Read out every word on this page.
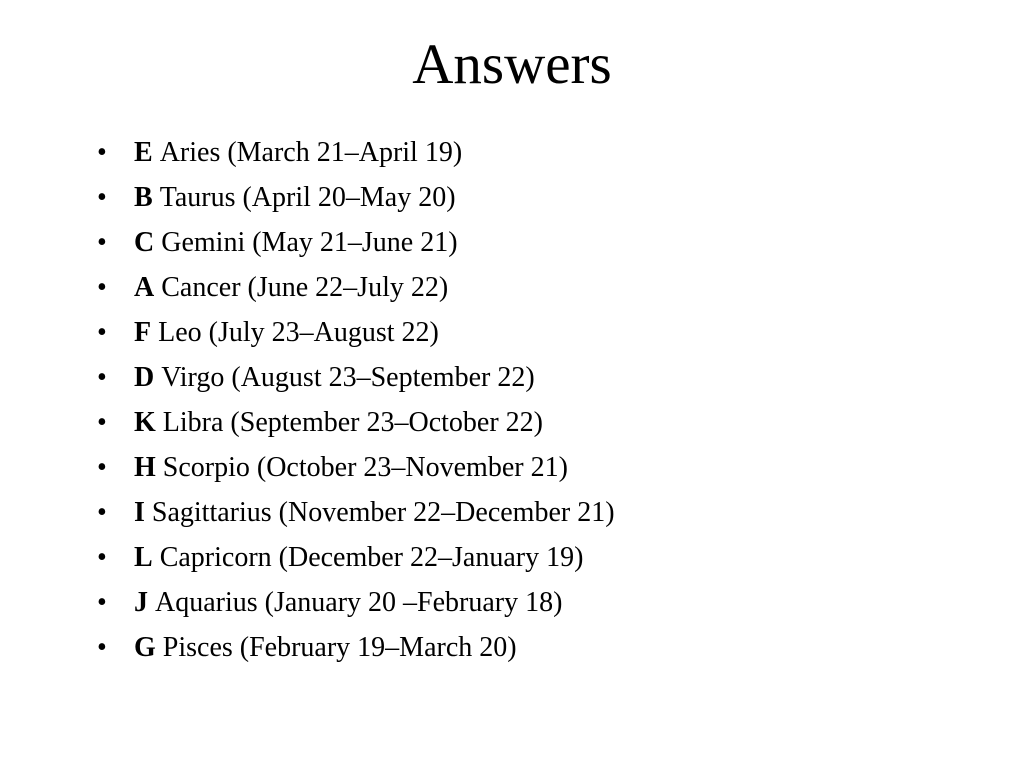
Answers
• E
Aries (March 21–April 19)
• B
Taurus (April 20–May 20)
• C
Gemini (May 21–June 21)
• A
Cancer (June 22–July 22)
• F
Leo (July 23–August 22)
• D
Virgo (August 23–September 22)
• K
Libra (September 23–October 22)
• H
Scorpio (October 23–November 21)
• I
Sagittarius (November 22–December 21)
• L
Capricorn (December 22–January 19)
• J
Aquarius (January 20 –February 18)
• G
Pisces (February 19–March 20)
